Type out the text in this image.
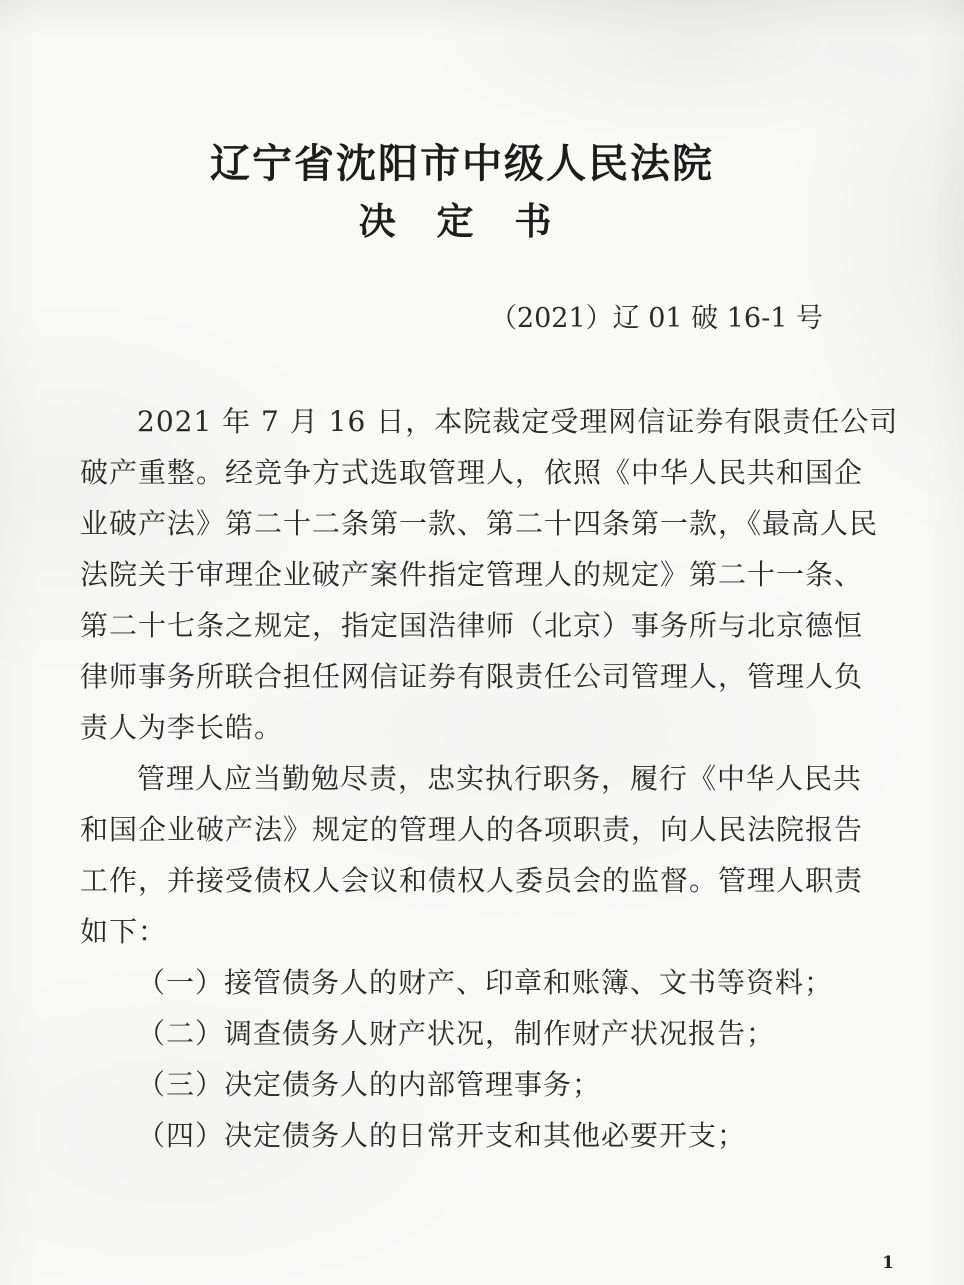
辽宁省沈阳市中级人民法院
决 定 书
（2021）辽 01 破 16-1 号
2021 年 7 月 16 日，本院裁定受理网信证券有限责任公司
破产重整。经竞争方式选取管理人，依照《中华人民共和国企
业破产法》第二十二条第一款、第二十四条第一款，《最高人民
法院关于审理企业破产案件指定管理人的规定》第二十一条、
第二十七条之规定，指定国浩律师（北京）事务所与北京德恒
律师事务所联合担任网信证券有限责任公司管理人，管理人负
责人为李长皓。
管理人应当勤勉尽责，忠实执行职务，履行《中华人民共
和国企业破产法》规定的管理人的各项职责，向人民法院报告
工作，并接受债权人会议和债权人委员会的监督。管理人职责
如下：
（一）接管债务人的财产、印章和账簿、文书等资料；
（二）调查债务人财产状况，制作财产状况报告；
（三）决定债务人的内部管理事务；
（四）决定债务人的日常开支和其他必要开支；
1
